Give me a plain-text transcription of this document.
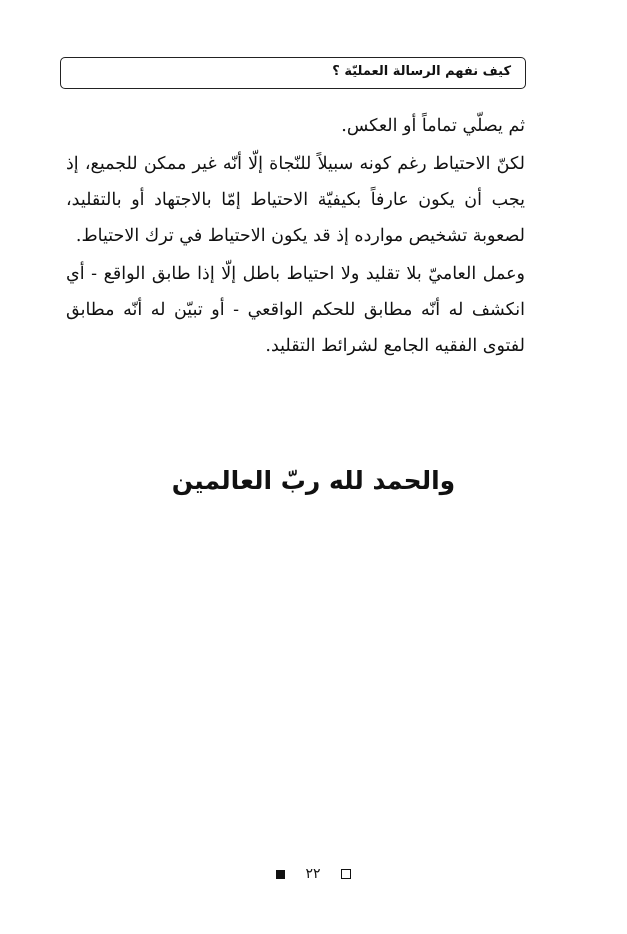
كيف نفهم الرسالة العمليّة ؟

ثم يصلّي تماماً أو العكس.

لكنّ الاحتياط رغم كونه سبيلاً للنّجاة إلّا أنّه غير ممكن للجميع، إذ يجب أن يكون عارفاً بكيفيّة الاحتياط إمّا بالاجتهاد أو بالتقليد، لصعوبة تشخيص موارده إذ قد يكون الاحتياط في ترك الاحتياط.

وعمل العاميّ بلا تقليد ولا احتياط باطل إلّا إذا طابق الواقع - أي انكشف له أنّه مطابق للحكم الواقعي - أو تبيّن له أنّه مطابق لفتوى الفقيه الجامع لشرائط التقليد.

والحمد لله ربّ العالمين
٢٢
